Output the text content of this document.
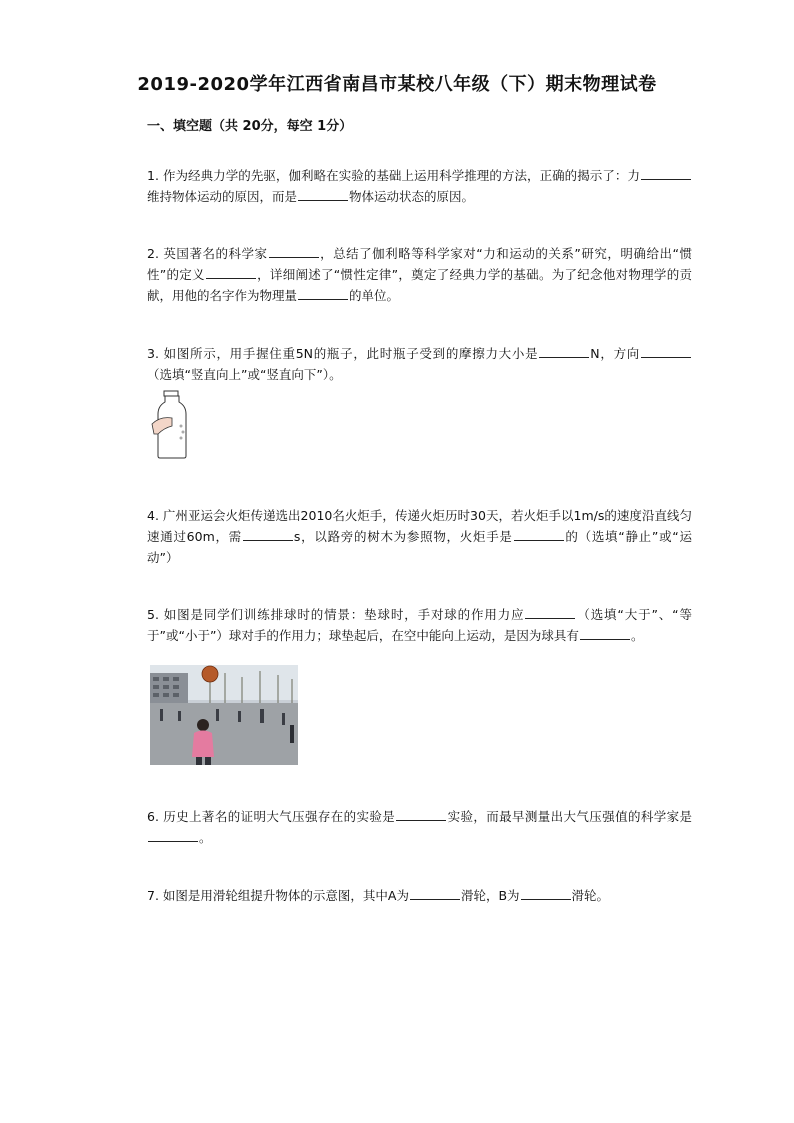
2019-2020学年江西省南昌市某校八年级（下）期末物理试卷
一、填空题（共 20分，每空 1分）
1. 作为经典力学的先驱，伽利略在实验的基础上运用科学推理的方法，正确的揭示了：力维持物体运动的原因，而是	物体运动状态的原因。
2. 英国著名的科学家	，总结了伽利略等科学家对“力和运动的关系”研究，明确给出“惯性”的定义	，详细阐述了“惯性定律”，奠定了经典力学的基础。为了纪念他对物理学的贡献，用他的名字作为物理量	的单位。
3. 如图所示，用手握住重5N的瓶子，此时瓶子受到的摩擦力大小是	N，方向（选填“竖直向上”或“竖直向下”）。
4. 广州亚运会火炬传递选出2010名火炬手，传递火炬历时30天，若火炬手以1m/s的速度沿直线匀速通过60m，需	s，以路旁的树木为参照物，火炬手是	的（选填“静止”或“运动”）
5. 如图是同学们训练排球时的情景：垫球时，手对球的作用力应	（选填“大于”、“等于”或“小于”）球对手的作用力；球垫起后，在空中能向上运动，是因为球具有	。
6. 历史上著名的证明大气压强存在的实验是	实验，而最早测量出大气压强值的科学家是。
7. 如图是用滑轮组提升物体的示意图，其中A为	滑轮，B为	滑轮。
